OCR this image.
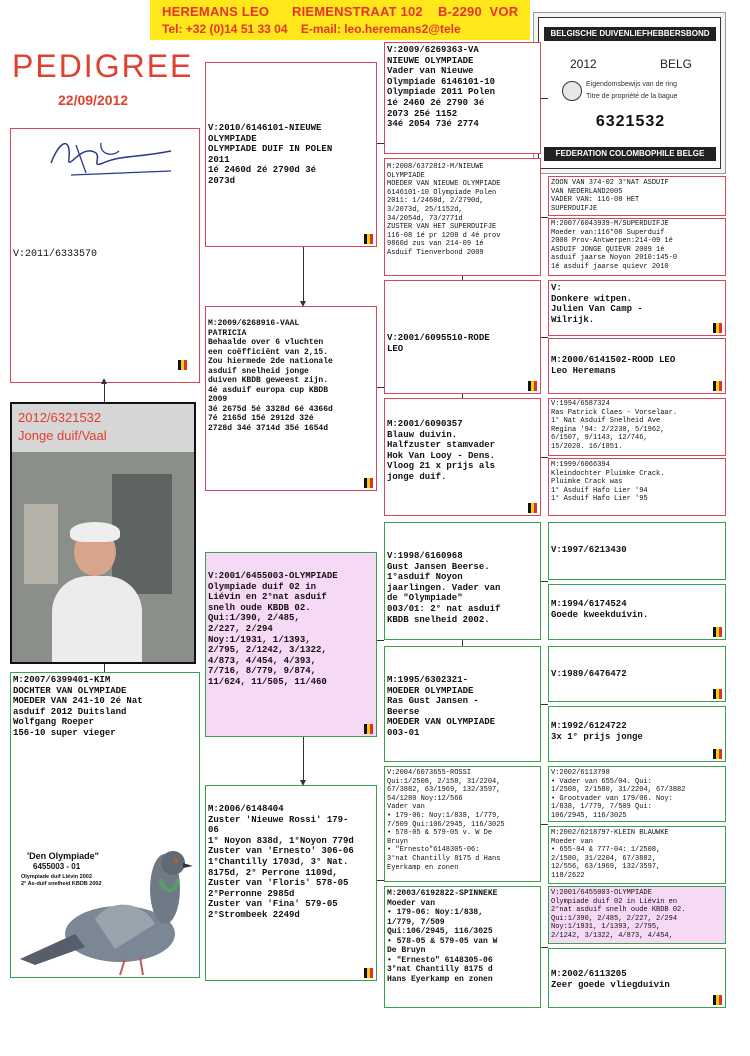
HEREMANS LEO      RIEMENSTRAAT 102    B-2290  VOR
Tel: +32 (0)14 51 33 04    E-mail: leo.heremans2@tele
PEDIGREE
22/09/2012
BELGISCHE DUIVENLIEFHEBBERSBOND
2012	BELG
Eigendomsbewijs van de ring
Titre de propriété de la bague
6321532
FEDERATION COLOMBOPHILE BELGE
V:2011/6333570
2012/6321532
Jonge duif/Vaal
M:2007/6399401-KIM
DOCHTER VAN OLYMPIADE
MOEDER VAN 241-10 2é Nat
asduif 2012 Duitsland
Wolfgang Roeper
156-10 super vieger
'Den Olympiade"
6455003 - 01
Olympiade duif Liévin 2002
2° As-duif snelheid KBDB 2002
V:2010/6146101-NIEUWE
OLYMPIADE
OLYMPIADE DUIF IN POLEN
2011
1é 2460d 2é 2790d 3é
2073d
M:2009/6268916-VAAL
PATRICIA
Behaalde over 6 vluchten
een coëfficiënt van 2,15.
Zou hiermede 2de nationale
asduif snelheid jonge
duiven KBDB geweest zijn.
4é asduif europa cup KBDB
2009
3é 2675d 5é 3328d 6é 4366d
7é 2165d 15é 2912d 32é
2728d 34é 3714d 35é 1654d
V:2001/6455003-OLYMPIADE
Olympiade duif 02 in
Liévin en 2°nat asduif
snelh oude KBDB 02.
Qui:1/390, 2/485,
2/227, 2/294
Noy:1/1931, 1/1393,
2/795, 2/1242, 3/1322,
4/873, 4/454, 4/393,
7/716, 8/779, 9/874,
11/624, 11/505, 11/460
M:2006/6148404
Zuster 'Nieuwe Rossi' 179-
06
1° Noyon 838d, 1°Noyon 779d
Zuster van 'Ernesto' 306-06
1°Chantilly 1703d, 3° Nat.
8175d, 2° Perrone 1109d,
Zuster van 'Floris' 578-05
2°Perronne 2985d
Zuster van 'Fina' 579-05
2°Strombeek 2249d
V:2009/6269363-VA
NIEUWE OLYMPIADE
Vader van Nieuwe
Olympiade 6146101-10
Olympiade 2011 Polen
1é 2460 2é 2790 3é
2073 25é 1152
34é 2054 73é 2774
M:2008/6372812-M/NIEUWE
OLYMPIADE
MOEDER VAN NIEUWE OLYMPIADE
6146101-10 Olympiade Polen
2011: 1/2460d, 2/2790d,
3/2073d, 25/1152d,
34/2054d, 73/2771d
ZUSTER VAN HET SUPERDUIFJE
116-08 1é pr 1208 d 4é prov
9860d zus van 214-09 1é
Asduif Tienverbond 2009
V:2001/6095510-RODE
LEO
M:2001/6090357
Blauw duivin.
Halfzuster stamvader
Hok Van Looy - Dens.
Vloog 21 x prijs als
jonge duif.
V:1998/6160968
Gust Jansen Beerse.
1°asduif Noyon
jaarlingen. Vader van
de "Olympiade"
003/01: 2° nat asduif
KBDB snelheid 2002.
M:1995/6302321-
MOEDER OLYMPIADE
Ras Gust Jansen -
Beerse
MOEDER VAN OLYMPIADE
003-01
V:2004/6073655-ROSSI
Qui:1/2508, 2/158, 31/2204,
67/3882, 63/1969, 132/3597,
54/1280 Noy:12/566
Vader van
• 179-06: Noy:1/838, 1/779,
7/509 Qui:106/2945, 116/3025
• 578-05 & 579-05 v. W De
Bruyn
• "Ernesto"6148305-06:
3°nat Chantilly 8175 d Hans
Eyerkamp en zonen
M:2003/6192822-SPINNEKE
Moeder van
• 179-06: Noy:1/838,
1/779, 7/509
Qui:106/2945, 116/3025
• 578-05 & 579-05 van W
De Bruyn
• "Ernesto" 6148305-06
3°nat Chantilly 8175 d
Hans Eyerkamp en zonen
ZOON VAN 374-02 3°NAT ASDUIF
VAN NEDERLAND2005
VADER VAN: 116-08 HET
SUPERDUIFJE
M:2007/6043939-M/SUPERDUIFJE
Moeder van:116*08 Superduif
2008 Prov-Antwerpen:214-09 1é
ASDUIF JONGE QUIEVR 2009 1é
asduif jaarse Noyon 2010:145-0
1é asduif jaarse quievr 2010
V:
Donkere witpen.
Julien Van Camp -
Wilrijk.
M:2000/6141502-ROOD LEO
Leo Heremans
V:1994/6587324
Ras Patrick Claes - Vorselaar.
1° Nat Asduif Snelheid Ave
Regina '94: 2/2230, 5/1962,
6/1507, 9/1143, 12/746,
15/2020. 16/1851.
M:1999/6066394
Kleindochter Pluimke Crack.
Pluimke Crack was
1° Asduif Hafo Lier '94
1° Asduif Hafo Lier '95
V:1997/6213430
M:1994/6174524
Goede kweekduivin.
V:1989/6476472
M:1992/6124722
3x 1° prijs jonge
V:2002/6113798
• Vader van 655/04. Qui:
1/2508, 2/1580, 31/2204, 67/3882
• Grootvader van 179/06. Noy:
1/838, 1/779, 7/509 Qui:
106/2945, 116/3025
M:2002/6218797-KLEIN BLAUWKE
Moeder van
• 655-04 & 777-04: 1/2508,
2/1580, 31/2204, 67/3882,
12/556, 63/1969, 132/3597,
118/2622
V:2001/6455003-OLYMPIADE
Olympiade duif 02 in Liévin en
2°nat asduif snelh oude KBDB 02.
Qui:1/390, 2/485, 2/227, 2/294
Noy:1/1931, 1/1393, 2/795,
2/1242, 3/1322, 4/873, 4/454,
M:2002/6113205
Zeer goede vliegduivin
